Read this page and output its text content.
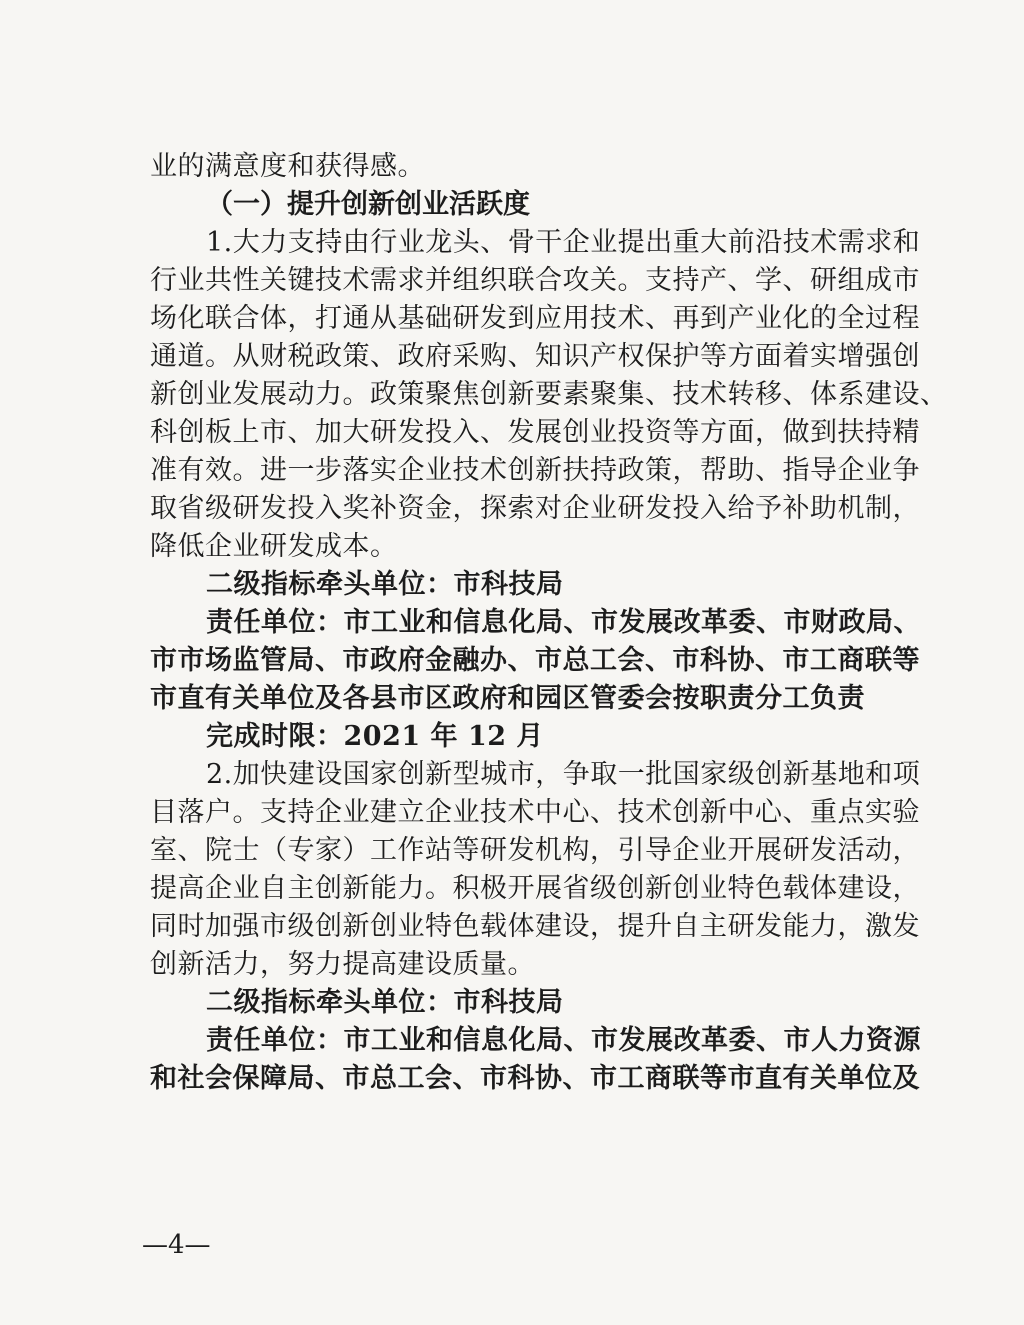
业的满意度和获得感。

（一）提升创新创业活跃度

1.大力支持由行业龙头、骨干企业提出重大前沿技术需求和

行业共性关键技术需求并组织联合攻关。支持产、学、研组成市

场化联合体，打通从基础研发到应用技术、再到产业化的全过程

通道。从财税政策、政府采购、知识产权保护等方面着实增强创

新创业发展动力。政策聚焦创新要素聚集、技术转移、体系建设、

科创板上市、加大研发投入、发展创业投资等方面，做到扶持精

准有效。进一步落实企业技术创新扶持政策，帮助、指导企业争

取省级研发投入奖补资金，探索对企业研发投入给予补助机制，

降低企业研发成本。

二级指标牵头单位：市科技局

责任单位：市工业和信息化局、市发展改革委、市财政局、

市市场监管局、市政府金融办、市总工会、市科协、市工商联等

市直有关单位及各县市区政府和园区管委会按职责分工负责

完成时限：2021 年 12 月

2.加快建设国家创新型城市，争取一批国家级创新基地和项

目落户。支持企业建立企业技术中心、技术创新中心、重点实验

室、院士（专家）工作站等研发机构，引导企业开展研发活动，

提高企业自主创新能力。积极开展省级创新创业特色载体建设，

同时加强市级创新创业特色载体建设，提升自主研发能力，激发

创新活力，努力提高建设质量。

二级指标牵头单位：市科技局

责任单位：市工业和信息化局、市发展改革委、市人力资源

和社会保障局、市总工会、市科协、市工商联等市直有关单位及

—4—
